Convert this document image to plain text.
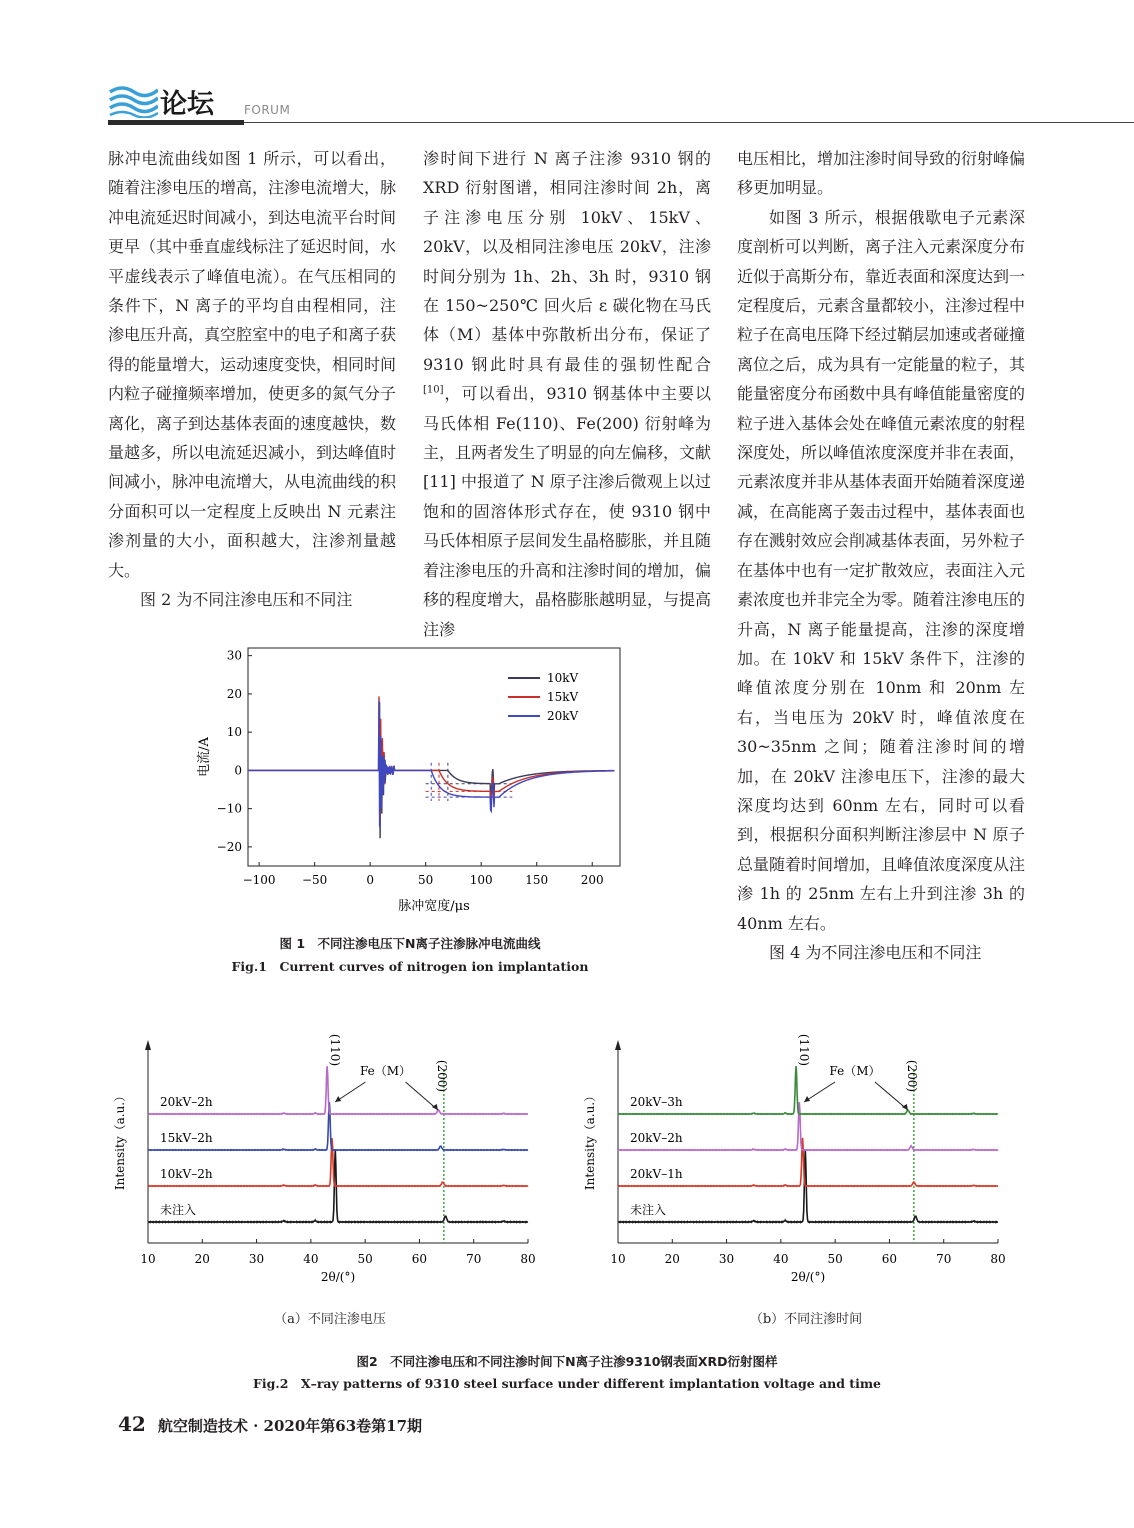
论坛	FORUM

脉冲电流曲线如图 1 所示，可以看出，随着注渗电压的增高，注渗电流增大，脉冲电流延迟时间减小，到达电流平台时间更早（其中垂直虚线标注了延迟时间，水平虚线表示了峰值电流）。在气压相同的条件下，N 离子的平均自由程相同，注渗电压升高，真空腔室中的电子和离子获得的能量增大，运动速度变快，相同时间内粒子碰撞频率增加，使更多的氮气分子离化，离子到达基体表面的速度越快，数量越多，所以电流延迟减小，到达峰值时间减小，脉冲电流增大，从电流曲线的积分面积可以一定程度上反映出 N 元素注渗剂量的大小，面积越大，注渗剂量越大。

图 2 为不同注渗电压和不同注

渗时间下进行 N 离子注渗 9310 钢的 XRD 衍射图谱，相同注渗时间 2h，离子注渗电压分别 10kV、15kV、20kV，以及相同注渗电压 20kV，注渗时间分别为 1h、2h、3h 时，9310 钢在 150~250℃ 回火后 ε 碳化物在马氏体（M）基体中弥散析出分布，保证了 9310 钢此时具有最佳的强韧性配合[10]，可以看出，9310 钢基体中主要以马氏体相 Fe(110)、Fe(200) 衍射峰为主，且两者发生了明显的向左偏移，文献 [11] 中报道了 N 原子注渗后微观上以过饱和的固溶体形式存在，使 9310 钢中马氏体相原子层间发生晶格膨胀，并且随着注渗电压的升高和注渗时间的增加，偏移的程度增大，晶格膨胀越明显，与提高注渗

电压相比，增加注渗时间导致的衍射峰偏移更加明显。

如图 3 所示，根据俄歇电子元素深度剖析可以判断，离子注入元素深度分布近似于高斯分布，靠近表面和深度达到一定程度后，元素含量都较小，注渗过程中粒子在高电压降下经过鞘层加速或者碰撞离位之后，成为具有一定能量的粒子，其能量密度分布函数中具有峰值能量密度的粒子进入基体会处在峰值元素浓度的射程深度处，所以峰值浓度深度并非在表面，元素浓度并非从基体表面开始随着深度递减，在高能离子轰击过程中，基体表面也存在溅射效应会削减基体表面，另外粒子在基体中也有一定扩散效应，表面注入元素浓度也并非完全为零。随着注渗电压的升高，N 离子能量提高，注渗的深度增加。在 10kV 和 15kV 条件下，注渗的峰值浓度分别在 10nm 和 20nm 左右，当电压为 20kV 时，峰值浓度在 30~35nm 之间；随着注渗时间的增加，在 20kV 注渗电压下，注渗的最大深度均达到 60nm 左右，同时可以看到，根据积分面积判断注渗层中 N 原子总量随着时间增加，且峰值浓度深度从注渗 1h 的 25nm 左右上升到注渗 3h 的 40nm 左右。

图 4 为不同注渗电压和不同注

−100 −50	0	50	100	150	200
30
20
10
0
−10
−20
脉冲宽度/μs
电流/A
10kV
15kV
20kV
图 1　不同注渗电压下N离子注渗脉冲电流曲线
Fig.1　Current curves of nitrogen ion implantation
10	20	30	40	50	60	70	80
2θ/(°)
Intensity（a.u.）
未注入
10kV–2h
15kV–2h
20kV–2h
(110)
(200)
Fe（M）
10	20	30	40	50	60	70	80
2θ/(°)
Intensity（a.u.）
未注入
20kV–1h
20kV–2h
20kV–3h
(110)
(200)
Fe（M）
（a）不同注渗电压	（b）不同注渗时间
图2　不同注渗电压和不同注渗时间下N离子注渗9310钢表面XRD衍射图样
Fig.2　X–ray patterns of 9310 steel surface under different implantation voltage and time
42 航空制造技术 · 2020年第63卷第17期
